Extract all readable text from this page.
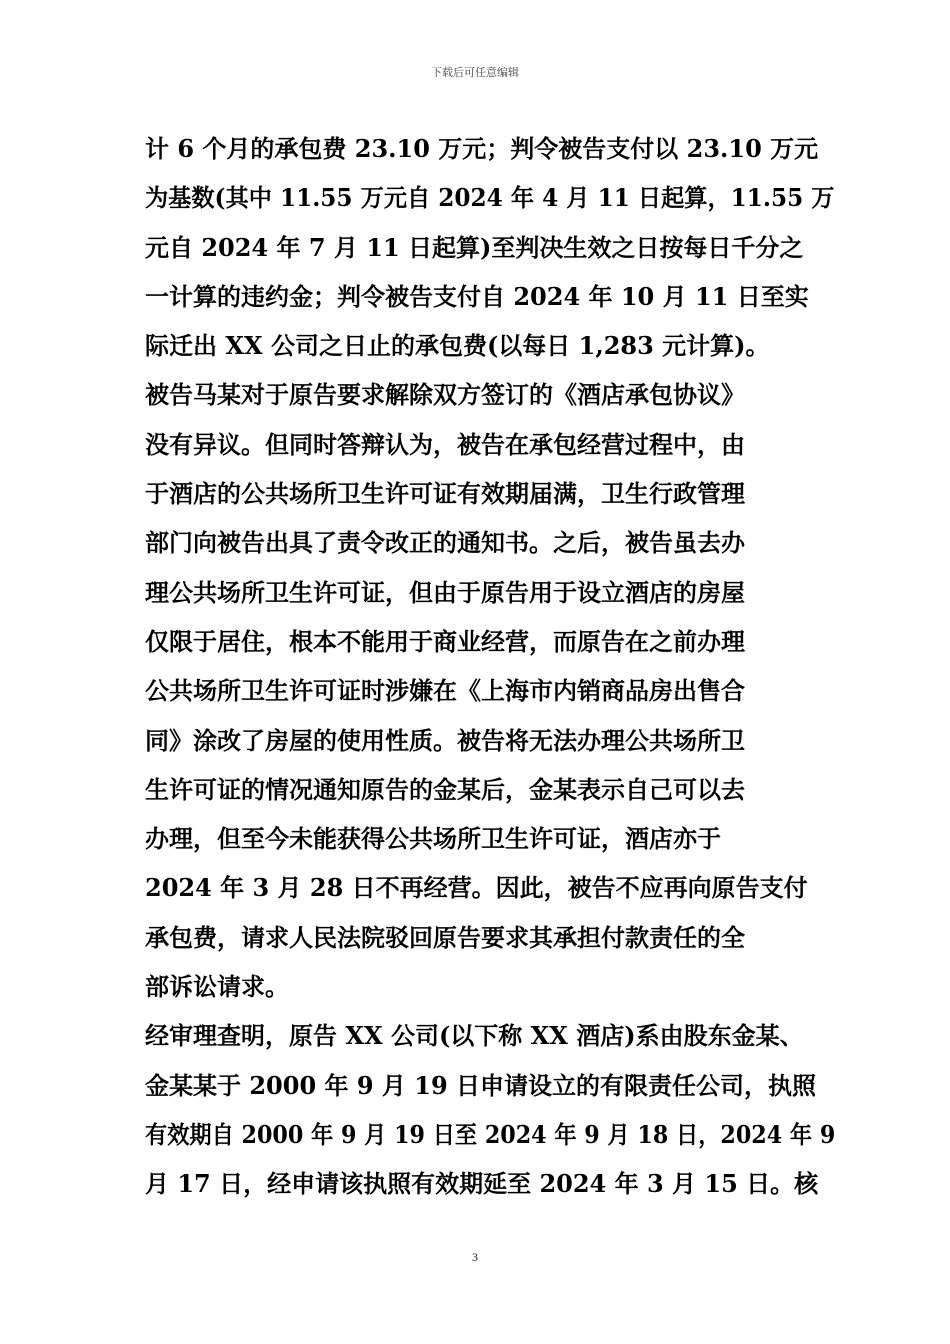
下载后可任意编辑
计 6 个月的承包费 23.10 万元；判令被告支付以 23.10 万元
为基数(其中 11.55 万元自 2024 年 4 月 11 日起算，11.55 万
元自 2024 年 7 月 11 日起算)至判决生效之日按每日千分之
一计算的违约金；判令被告支付自 2024 年 10 月 11 日至实
际迁出 XX 公司之日止的承包费(以每日 1,283 元计算)。
被告马某对于原告要求解除双方签订的《酒店承包协议》
没有异议。但同时答辩认为，被告在承包经营过程中，由
于酒店的公共场所卫生许可证有效期届满，卫生行政管理
部门向被告出具了责令改正的通知书。之后，被告虽去办
理公共场所卫生许可证，但由于原告用于设立酒店的房屋
仅限于居住，根本不能用于商业经营，而原告在之前办理
公共场所卫生许可证时涉嫌在《上海市内销商品房出售合
同》涂改了房屋的使用性质。被告将无法办理公共场所卫
生许可证的情况通知原告的金某后，金某表示自己可以去
办理，但至今未能获得公共场所卫生许可证，酒店亦于
2024 年 3 月 28 日不再经营。因此，被告不应再向原告支付
承包费，请求人民法院驳回原告要求其承担付款责任的全
部诉讼请求。
经审理查明，原告 XX 公司(以下称 XX 酒店)系由股东金某、
金某某于 2000 年 9 月 19 日申请设立的有限责任公司，执照
有效期自 2000 年 9 月 19 日至 2024 年 9 月 18 日，2024 年 9
月 17 日，经申请该执照有效期延至 2024 年 3 月 15 日。核
3
